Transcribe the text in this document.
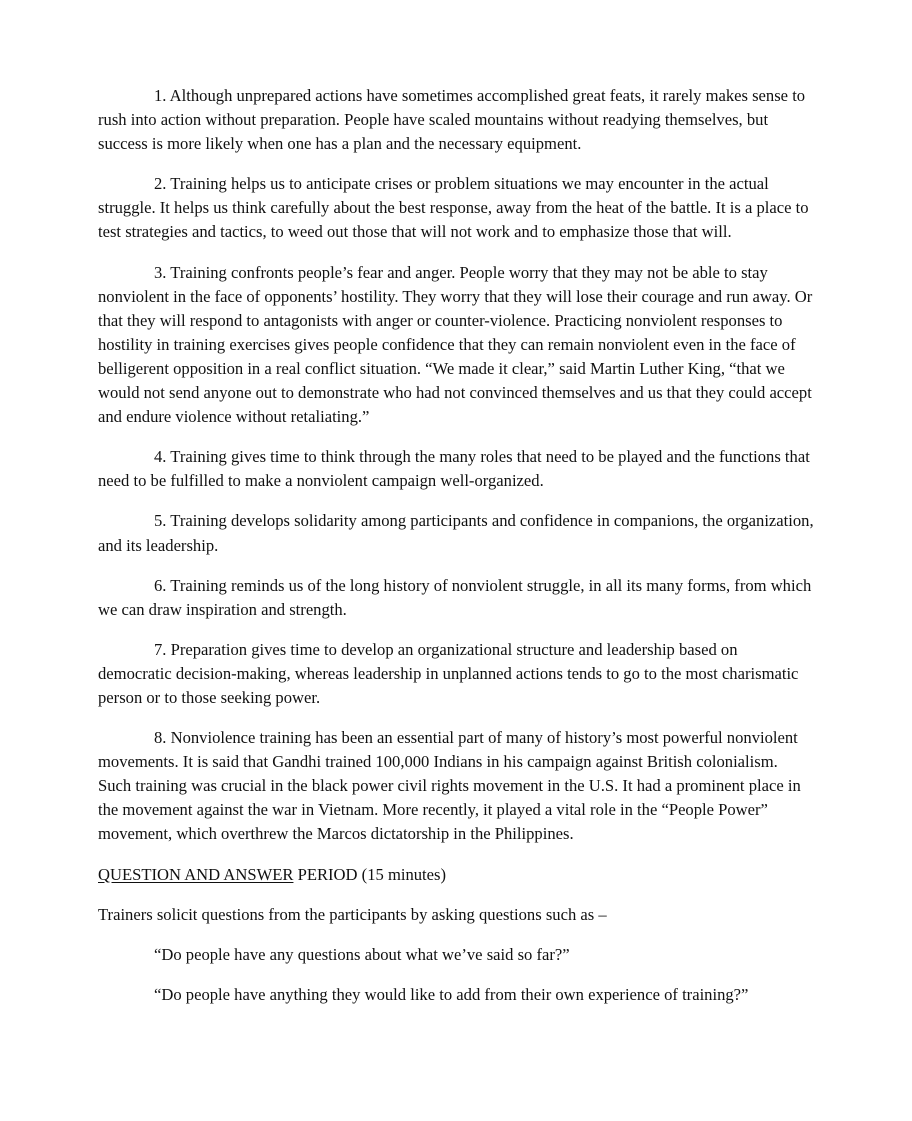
1. Although unprepared actions have sometimes accomplished great feats, it rarely makes sense to rush into action without preparation. People have scaled mountains without readying themselves, but success is more likely when one has a plan and the necessary equipment.

2. Training helps us to anticipate crises or problem situations we may encounter in the actual struggle. It helps us think carefully about the best response, away from the heat of the battle. It is a place to test strategies and tactics, to weed out those that will not work and to emphasize those that will.

3. Training confronts people’s fear and anger. People worry that they may not be able to stay nonviolent in the face of opponents’ hostility. They worry that they will lose their courage and run away. Or that they will respond to antagonists with anger or counter-violence. Practicing nonviolent responses to hostility in training exercises gives people confidence that they can remain nonviolent even in the face of belligerent opposition in a real conflict situation. “We made it clear,” said Martin Luther King, “that we would not send anyone out to demonstrate who had not convinced themselves and us that they could accept and endure violence without retaliating.”

4. Training gives time to think through the many roles that need to be played and the functions that need to be fulfilled to make a nonviolent campaign well-organized.

5. Training develops solidarity among participants and confidence in companions, the organization, and its leadership.

6. Training reminds us of the long history of nonviolent struggle, in all its many forms, from which we can draw inspiration and strength.

7. Preparation gives time to develop an organizational structure and leadership based on democratic decision-making, whereas leadership in unplanned actions tends to go to the most charismatic person or to those seeking power.

8. Nonviolence training has been an essential part of many of history’s most powerful nonviolent movements. It is said that Gandhi trained 100,000 Indians in his campaign against British colonialism. Such training was crucial in the black power civil rights movement in the U.S. It had a prominent place in the movement against the war in Vietnam. More recently, it played a vital role in the “People Power” movement, which overthrew the Marcos dictatorship in the Philippines.

QUESTION AND ANSWER PERIOD (15 minutes)

Trainers solicit questions from the participants by asking questions such as –

“Do people have any questions about what we’ve said so far?”

“Do people have anything they would like to add from their own experience of training?”
